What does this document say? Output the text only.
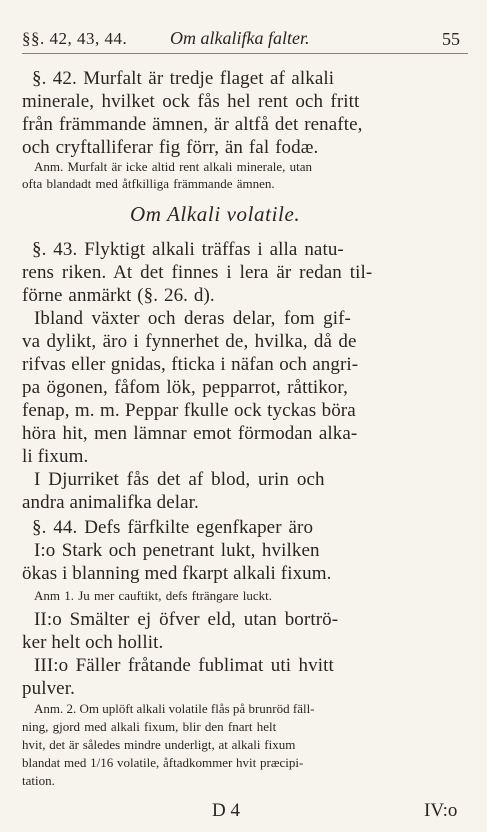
§§. 42, 43, 44. Om alkalifka falter.	55
§. 42. Murfalt är tredje flaget af alkali
minerale, hvilket ock fås hel rent och fritt
från främmande ämnen, är altfå det renafte,
och cryftalliferar fig förr, än fal fodæ.
Anm. Murfalt är icke altid rent alkali minerale, utan
ofta blandadt med åtfkilliga främmande ämnen.
Om Alkali volatile.
§. 43. Flyktigt alkali träffas i alla natu-
rens riken. At det finnes i lera är redan til-
förne anmärkt (§. 26. d).
Ibland växter och deras delar, fom gif-
va dylikt, äro i fynnerhet de, hvilka, då de
rifvas eller gnidas, fticka i näfan och angri-
pa ögonen, fåfom lök, pepparrot, råttikor,
fenap, m. m. Peppar fkulle ock tyckas böra
höra hit, men lämnar emot förmodan alka-
li fixum.
I Djurriket fås det af blod, urin och
andra animalifka delar.
§. 44. Defs färfkilte egenfkaper äro
I:o Stark och penetrant lukt, hvilken
ökas i blanning med fkarpt alkali fixum.
Anm 1. Ju mer cauftikt, defs fträngare luckt.
II:o Smälter ej öfver eld, utan bortrö-
ker helt och hollit.
III:o Fäller fråtande fublimat uti hvitt
pulver.
Anm. 2. Om uplöft alkali volatile flås på brunröd fäll-
ning, gjord med alkali fixum, blir den fnart helt
hvit, det är således mindre underligt, at alkali fixum
blandat med 1/16 volatile, åftadkommer hvit præcipi-
tation.
D 4	IV:o
